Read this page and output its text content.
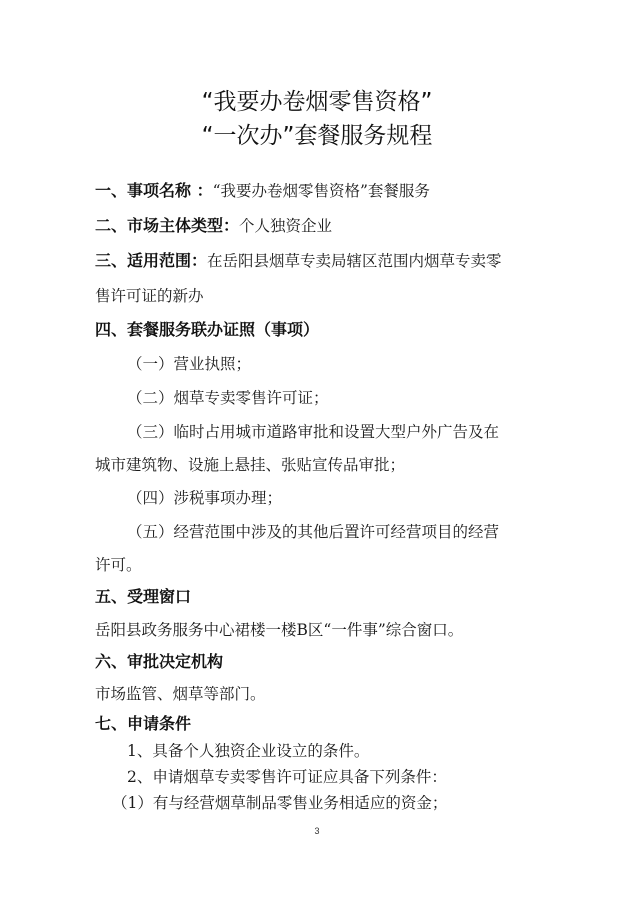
“我要办卷烟零售资格”
“一次办”套餐服务规程
一、事项名称 ：“我要办卷烟零售资格”套餐服务
二、市场主体类型：个人独资企业
三、适用范围：在岳阳县烟草专卖局辖区范围内烟草专卖零
售许可证的新办
四、套餐服务联办证照（事项）
（一）营业执照；
（二）烟草专卖零售许可证；
（三）临时占用城市道路审批和设置大型户外广告及在
城市建筑物、设施上悬挂、张贴宣传品审批；
（四）涉税事项办理；
（五）经营范围中涉及的其他后置许可经营项目的经营
许可。
五、受理窗口
岳阳县政务服务中心裙楼一楼B区“一件事”综合窗口。
六、审批决定机构
市场监管、烟草等部门。
七、申请条件
1、具备个人独资企业设立的条件。
2、申请烟草专卖零售许可证应具备下列条件：
（1）有与经营烟草制品零售业务相适应的资金；
3
